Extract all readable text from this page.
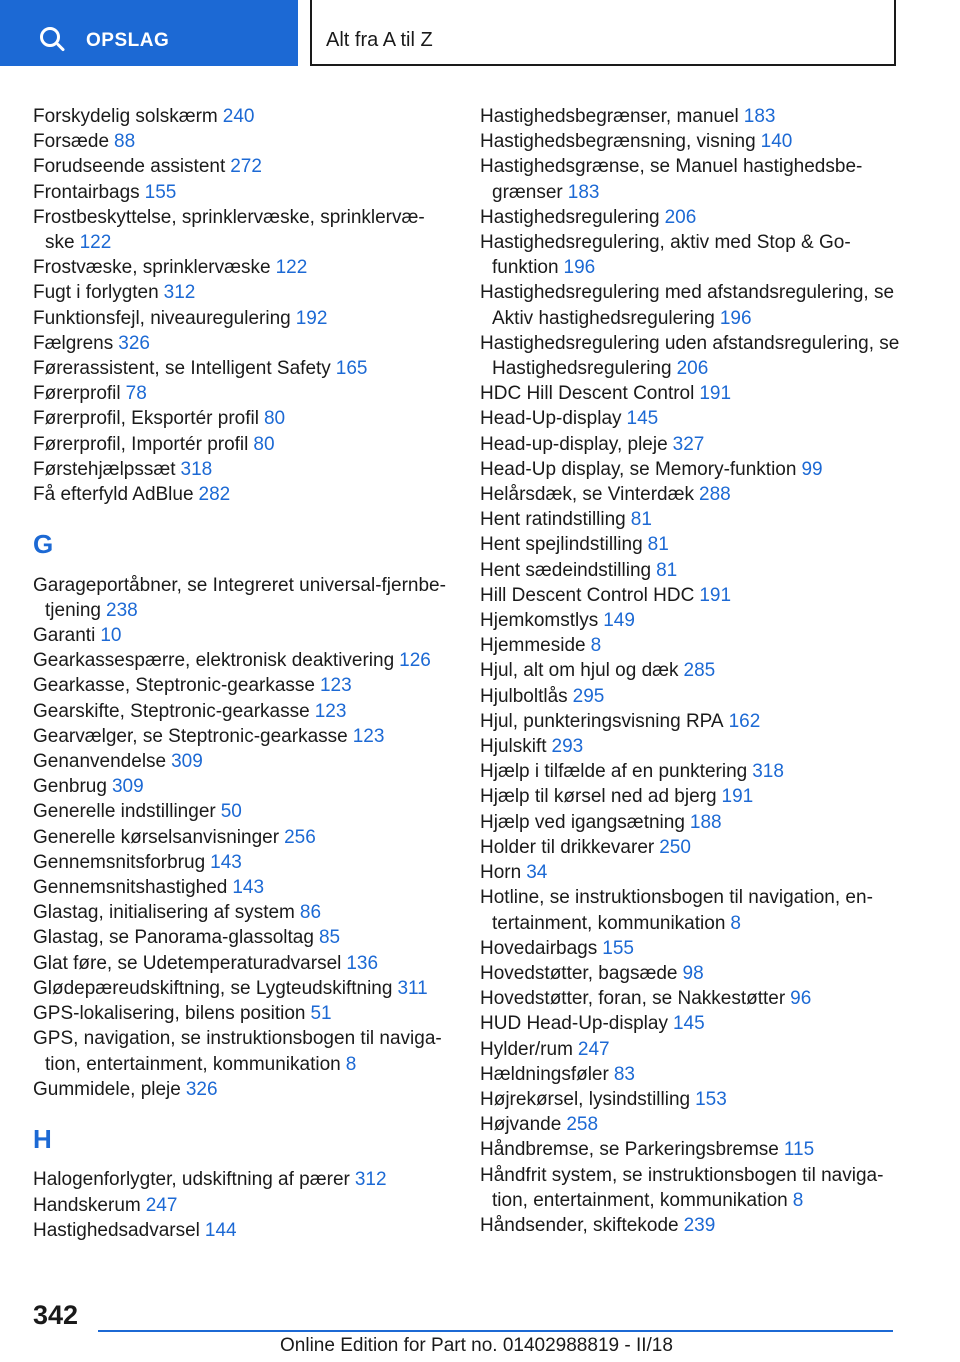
OPSLAG	Alt fra A til Z
Forskydelig solskærm 240
Forsæde 88
Forudseende assistent 272
Frontairbags 155
Frostbeskyttelse, sprinklervæske, sprinklervæ‐ske 122
Frostvæske, sprinklervæske 122
Fugt i forlygten 312
Funktionsfejl, niveauregulering 192
Fælgrens 326
Førerassistent, se Intelligent Safety 165
Førerprofil 78
Førerprofil, Eksportér profil 80
Førerprofil, Importér profil 80
Førstehjælpssæt 318
Få efterfyld AdBlue 282
G
Garageportåbner, se Integreret universal-fjernbe‐tjening 238
Garanti 10
Gearkassespærre, elektronisk deaktivering 126
Gearkasse, Steptronic-gearkasse 123
Gearskifte, Steptronic-gearkasse 123
Gearvælger, se Steptronic-gearkasse 123
Genanvendelse 309
Genbrug 309
Generelle indstillinger 50
Generelle kørselsanvisninger 256
Gennemsnitsforbrug 143
Gennemsnitshastighed 143
Glastag, initialisering af system 86
Glastag, se Panorama-glassoltag 85
Glat føre, se Udetemperaturadvarsel 136
Glødepæreudskiftning, se Lygteudskiftning 311
GPS-lokalisering, bilens position 51
GPS, navigation, se instruktionsbogen til naviga‐tion, entertainment, kommunikation 8
Gummidele, pleje 326
H
Halogenforlygter, udskiftning af pærer 312
Handskerum 247
Hastighedsadvarsel 144
Hastighedsbegrænser, manuel 183
Hastighedsbegrænsning, visning 140
Hastighedsgrænse, se Manuel hastighedsbe‐grænser 183
Hastighedsregulering 206
Hastighedsregulering, aktiv med Stop & Go-funktion 196
Hastighedsregulering med afstandsregulering, se Aktiv hastighedsregulering 196
Hastighedsregulering uden afstandsregulering, se Hastighedsregulering 206
HDC Hill Descent Control 191
Head-Up-display 145
Head-up-display, pleje 327
Head-Up display, se Memory-funktion 99
Helårsdæk, se Vinterdæk 288
Hent ratindstilling 81
Hent spejlindstilling 81
Hent sædeindstilling 81
Hill Descent Control HDC 191
Hjemkomstlys 149
Hjemmeside 8
Hjul, alt om hjul og dæk 285
Hjulboltlås 295
Hjul, punkteringsvisning RPA 162
Hjulskift 293
Hjælp i tilfælde af en punktering 318
Hjælp til kørsel ned ad bjerg 191
Hjælp ved igangsætning 188
Holder til drikkevarer 250
Horn 34
Hotline, se instruktionsbogen til navigation, en‐tertainment, kommunikation 8
Hovedairbags 155
Hovedstøtter, bagsæde 98
Hovedstøtter, foran, se Nakkestøtter 96
HUD Head-Up-display 145
Hylder/rum 247
Hældningsføler 83
Højrekørsel, lysindstilling 153
Højvande 258
Håndbremse, se Parkeringsbremse 115
Håndfrit system, se instruktionsbogen til naviga‐tion, entertainment, kommunikation 8
Håndsender, skiftekode 239
342
Online Edition for Part no. 01402988819 - II/18
